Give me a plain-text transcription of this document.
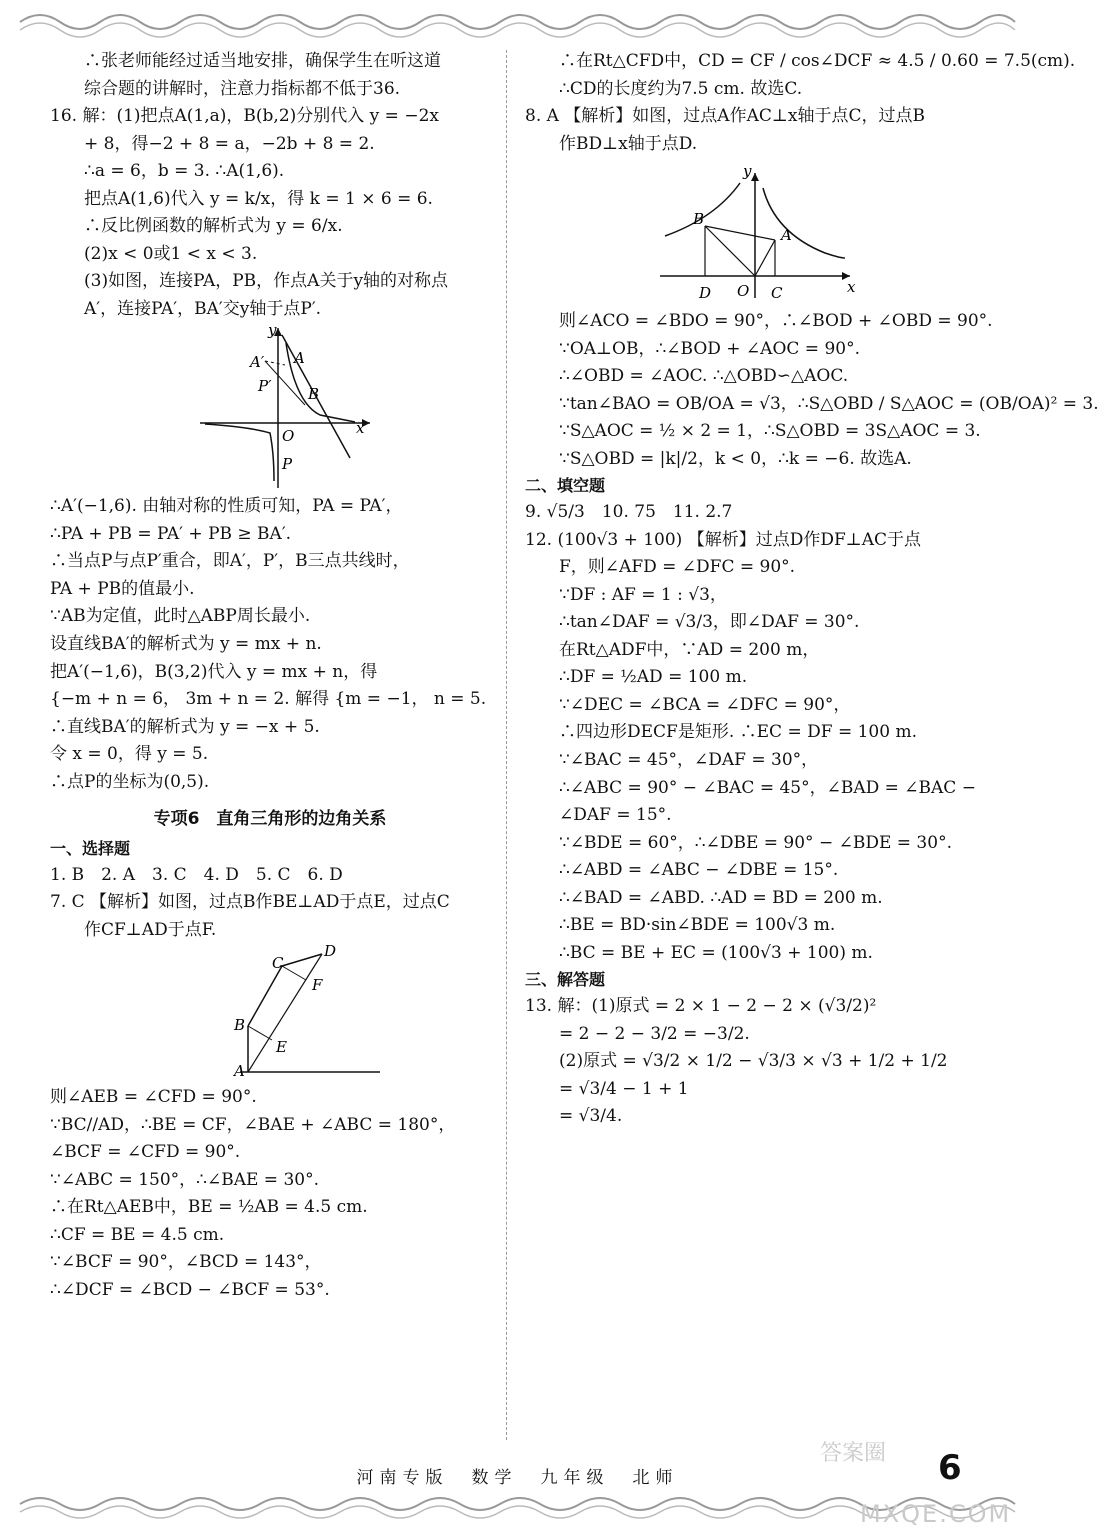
∴张老师能经过适当地安排，确保学生在听这道
综合题的讲解时，注意力指标都不低于36.
16. 解：(1)把点A(1,a)，B(b,2)分别代入 y = −2x
+ 8，得−2 + 8 = a，−2b + 8 = 2.
∴a = 6，b = 3. ∴A(1,6).
把点A(1,6)代入 y = k/x，得 k = 1 × 6 = 6.
∴反比例函数的解析式为 y = 6/x.
(2)x < 0或1 < x < 3.
(3)如图，连接PA，PB，作点A关于y轴的对称点
A′，连接PA′，BA′交y轴于点P′.
y
A′ A
P′ B
O	x
P
∴A′(−1,6). 由轴对称的性质可知，PA = PA′，
∴PA + PB = PA′ + PB ≥ BA′.
∴当点P与点P′重合，即A′，P′，B三点共线时，
PA + PB的值最小.
∵AB为定值，此时△ABP周长最小.
设直线BA′的解析式为 y = mx + n.
把A′(−1,6)，B(3,2)代入 y = mx + n，得
{−m + n = 6， 3m + n = 2. 解得 {m = −1， n = 5.
∴直线BA′的解析式为 y = −x + 5.
令 x = 0，得 y = 5.
∴点P的坐标为(0,5).
专项6　直角三角形的边角关系
一、选择题
1. B　2. A　3. C　4. D　5. C　6. D
7. C 【解析】如图，过点B作BE⊥AD于点E，过点C
作CF⊥AD于点F.
C
D
F
B
E
A
则∠AEB = ∠CFD = 90°.
∵BC//AD，∴BE = CF，∠BAE + ∠ABC = 180°，
∠BCF = ∠CFD = 90°.
∵∠ABC = 150°，∴∠BAE = 30°.
∴在Rt△AEB中，BE = ½AB = 4.5 cm.
∴CF = BE = 4.5 cm.
∵∠BCF = 90°，∠BCD = 143°，
∴∠DCF = ∠BCD − ∠BCF = 53°.
∴在Rt△CFD中，CD = CF / cos∠DCF ≈ 4.5 / 0.60 = 7.5(cm).
∴CD的长度约为7.5 cm. 故选C.
8. A 【解析】如图，过点A作AC⊥x轴于点C，过点B
作BD⊥x轴于点D.
y
B
A
D O C	x
则∠ACO = ∠BDO = 90°，∴∠BOD + ∠OBD = 90°.
∵OA⊥OB，∴∠BOD + ∠AOC = 90°.
∴∠OBD = ∠AOC. ∴△OBD∽△AOC.
∵tan∠BAO = OB/OA = √3，∴S△OBD / S△AOC = (OB/OA)² = 3.
∵S△AOC = ½ × 2 = 1，∴S△OBD = 3S△AOC = 3.
∵S△OBD = |k|/2，k < 0，∴k = −6. 故选A.
二、填空题
9. √5/3　10. 75　11. 2.7
12. (100√3 + 100) 【解析】过点D作DF⊥AC于点
F，则∠AFD = ∠DFC = 90°.
∵DF : AF = 1 : √3，
∴tan∠DAF = √3/3，即∠DAF = 30°.
在Rt△ADF中，∵AD = 200 m，
∴DF = ½AD = 100 m.
∵∠DEC = ∠BCA = ∠DFC = 90°，
∴四边形DECF是矩形. ∴EC = DF = 100 m.
∵∠BAC = 45°，∠DAF = 30°，
∴∠ABC = 90° − ∠BAC = 45°，∠BAD = ∠BAC −
∠DAF = 15°.
∵∠BDE = 60°，∴∠DBE = 90° − ∠BDE = 30°.
∴∠ABD = ∠ABC − ∠DBE = 15°.
∴∠BAD = ∠ABD. ∴AD = BD = 200 m.
∴BE = BD·sin∠BDE = 100√3 m.
∴BC = BE + EC = (100√3 + 100) m.
三、解答题
13. 解：(1)原式 = 2 × 1 − 2 − 2 × (√3/2)²
= 2 − 2 − 3/2 = −3/2.
(2)原式 = √3/2 × 1/2 − √3/3 × √3 + 1/2 + 1/2
= √3/4 − 1 + 1
= √3/4.
答案圈
河南专版　数学　九年级　北师	6
MXQE.COM
